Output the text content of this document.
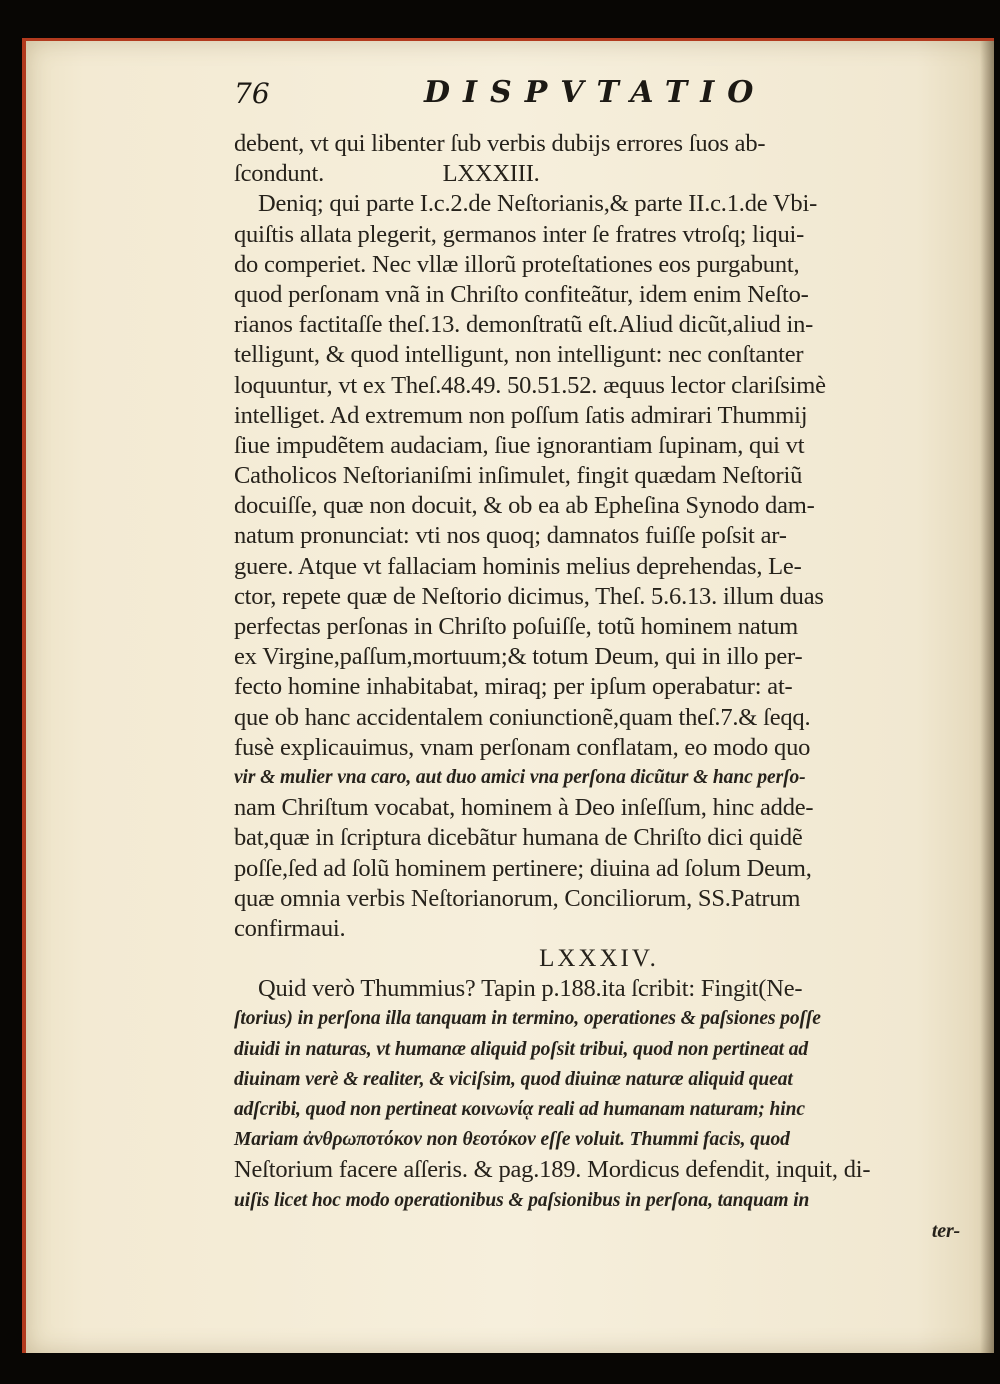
76	DISPVTATIO
debent, vt qui libenter ſub verbis dubijs errores ſuos ab-
ſcondunt.                    LXXXIII.
Deniq; qui parte I.c.2.de Neſtorianis,& parte II.c.1.de Vbi-
quiſtis allata plegerit, germanos inter ſe fratres vtroſq; liqui-
do comperiet. Nec vllæ illorũ proteſtationes eos purgabunt,
quod perſonam vnã in Chriſto confiteãtur, idem enim Neſto-
rianos factitaſſe theſ.13. demonſtratũ eſt.Aliud dicũt,aliud in-
telligunt, & quod intelligunt, non intelligunt: nec conſtanter
loquuntur, vt ex Theſ.48.49. 50.51.52. æquus lector clariſsimè
intelliget. Ad extremum non poſſum ſatis admirari Thummij
ſiue impudẽtem audaciam, ſiue ignorantiam ſupinam, qui vt
Catholicos Neſtorianiſmi inſimulet, fingit quædam Neſtoriũ
docuiſſe, quæ non docuit, & ob ea ab Epheſina Synodo dam-
natum pronunciat: vti nos quoq; damnatos fuiſſe poſsit ar-
guere. Atque vt fallaciam hominis melius deprehendas, Le-
ctor, repete quæ de Neſtorio dicimus, Theſ. 5.6.13. illum duas
perfectas perſonas in Chriſto poſuiſſe, totũ hominem natum
ex Virgine,paſſum,mortuum;& totum Deum, qui in illo per-
fecto homine inhabitabat, miraq; per ipſum operabatur: at-
que ob hanc accidentalem coniunctionẽ,quam theſ.7.& ſeqq.
fusè explicauimus, vnam perſonam conflatam, eo modo quo
vir & mulier vna caro, aut duo amici vna perſona dicũtur & hanc perſo-
nam Chriſtum vocabat, hominem à Deo inſeſſum, hinc adde-
bat,quæ in ſcriptura dicebãtur humana de Chriſto dici quidẽ
poſſe,ſed ad ſolũ hominem pertinere; diuina ad ſolum Deum,
quæ omnia verbis Neſtorianorum, Conciliorum, SS.Patrum
confirmaui.
LXXXIV.
Quid verò Thummius? Tapin p.188.ita ſcribit: Fingit(Ne-
ſtorius) in perſona illa tanquam in termino, operationes & paſsiones poſſe
diuidi in naturas, vt humanæ aliquid poſsit tribui, quod non pertineat ad
diuinam verè & realiter, & viciſsim, quod diuinæ naturæ aliquid queat
adſcribi, quod non pertineat κοινωνίᾳ reali ad humanam naturam; hinc
Mariam ἀνθρωποτόκον non θεοτόκον eſſe voluit. Thummi facis, quod
Neſtorium facere aſſeris. & pag.189. Mordicus defendit, inquit, di-
uiſis licet hoc modo operationibus & paſsionibus in perſona, tanquam in
ter-
